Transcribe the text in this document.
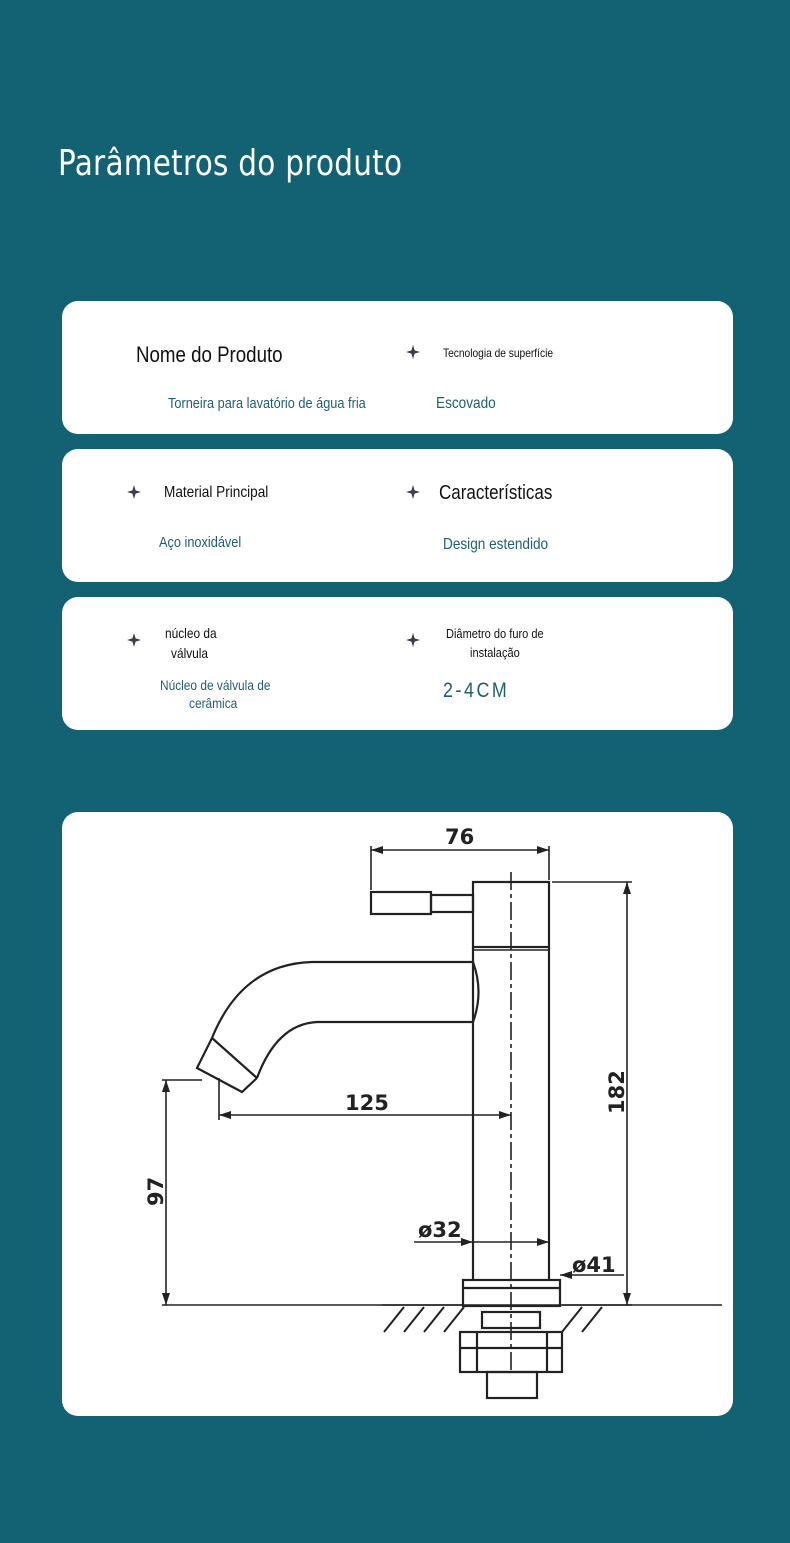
Parâmetros do produto
Nome do Produto
Torneira para lavatório de água fria
Tecnologia de superfície
Escovado
Material Principal
Aço inoxidável
Características
Design estendido
núcleo da
válvula
Núcleo de válvula de
cerâmica
Diâmetro do furo de
instalação
2-4CM
76
125	182
97
ø32
ø41
